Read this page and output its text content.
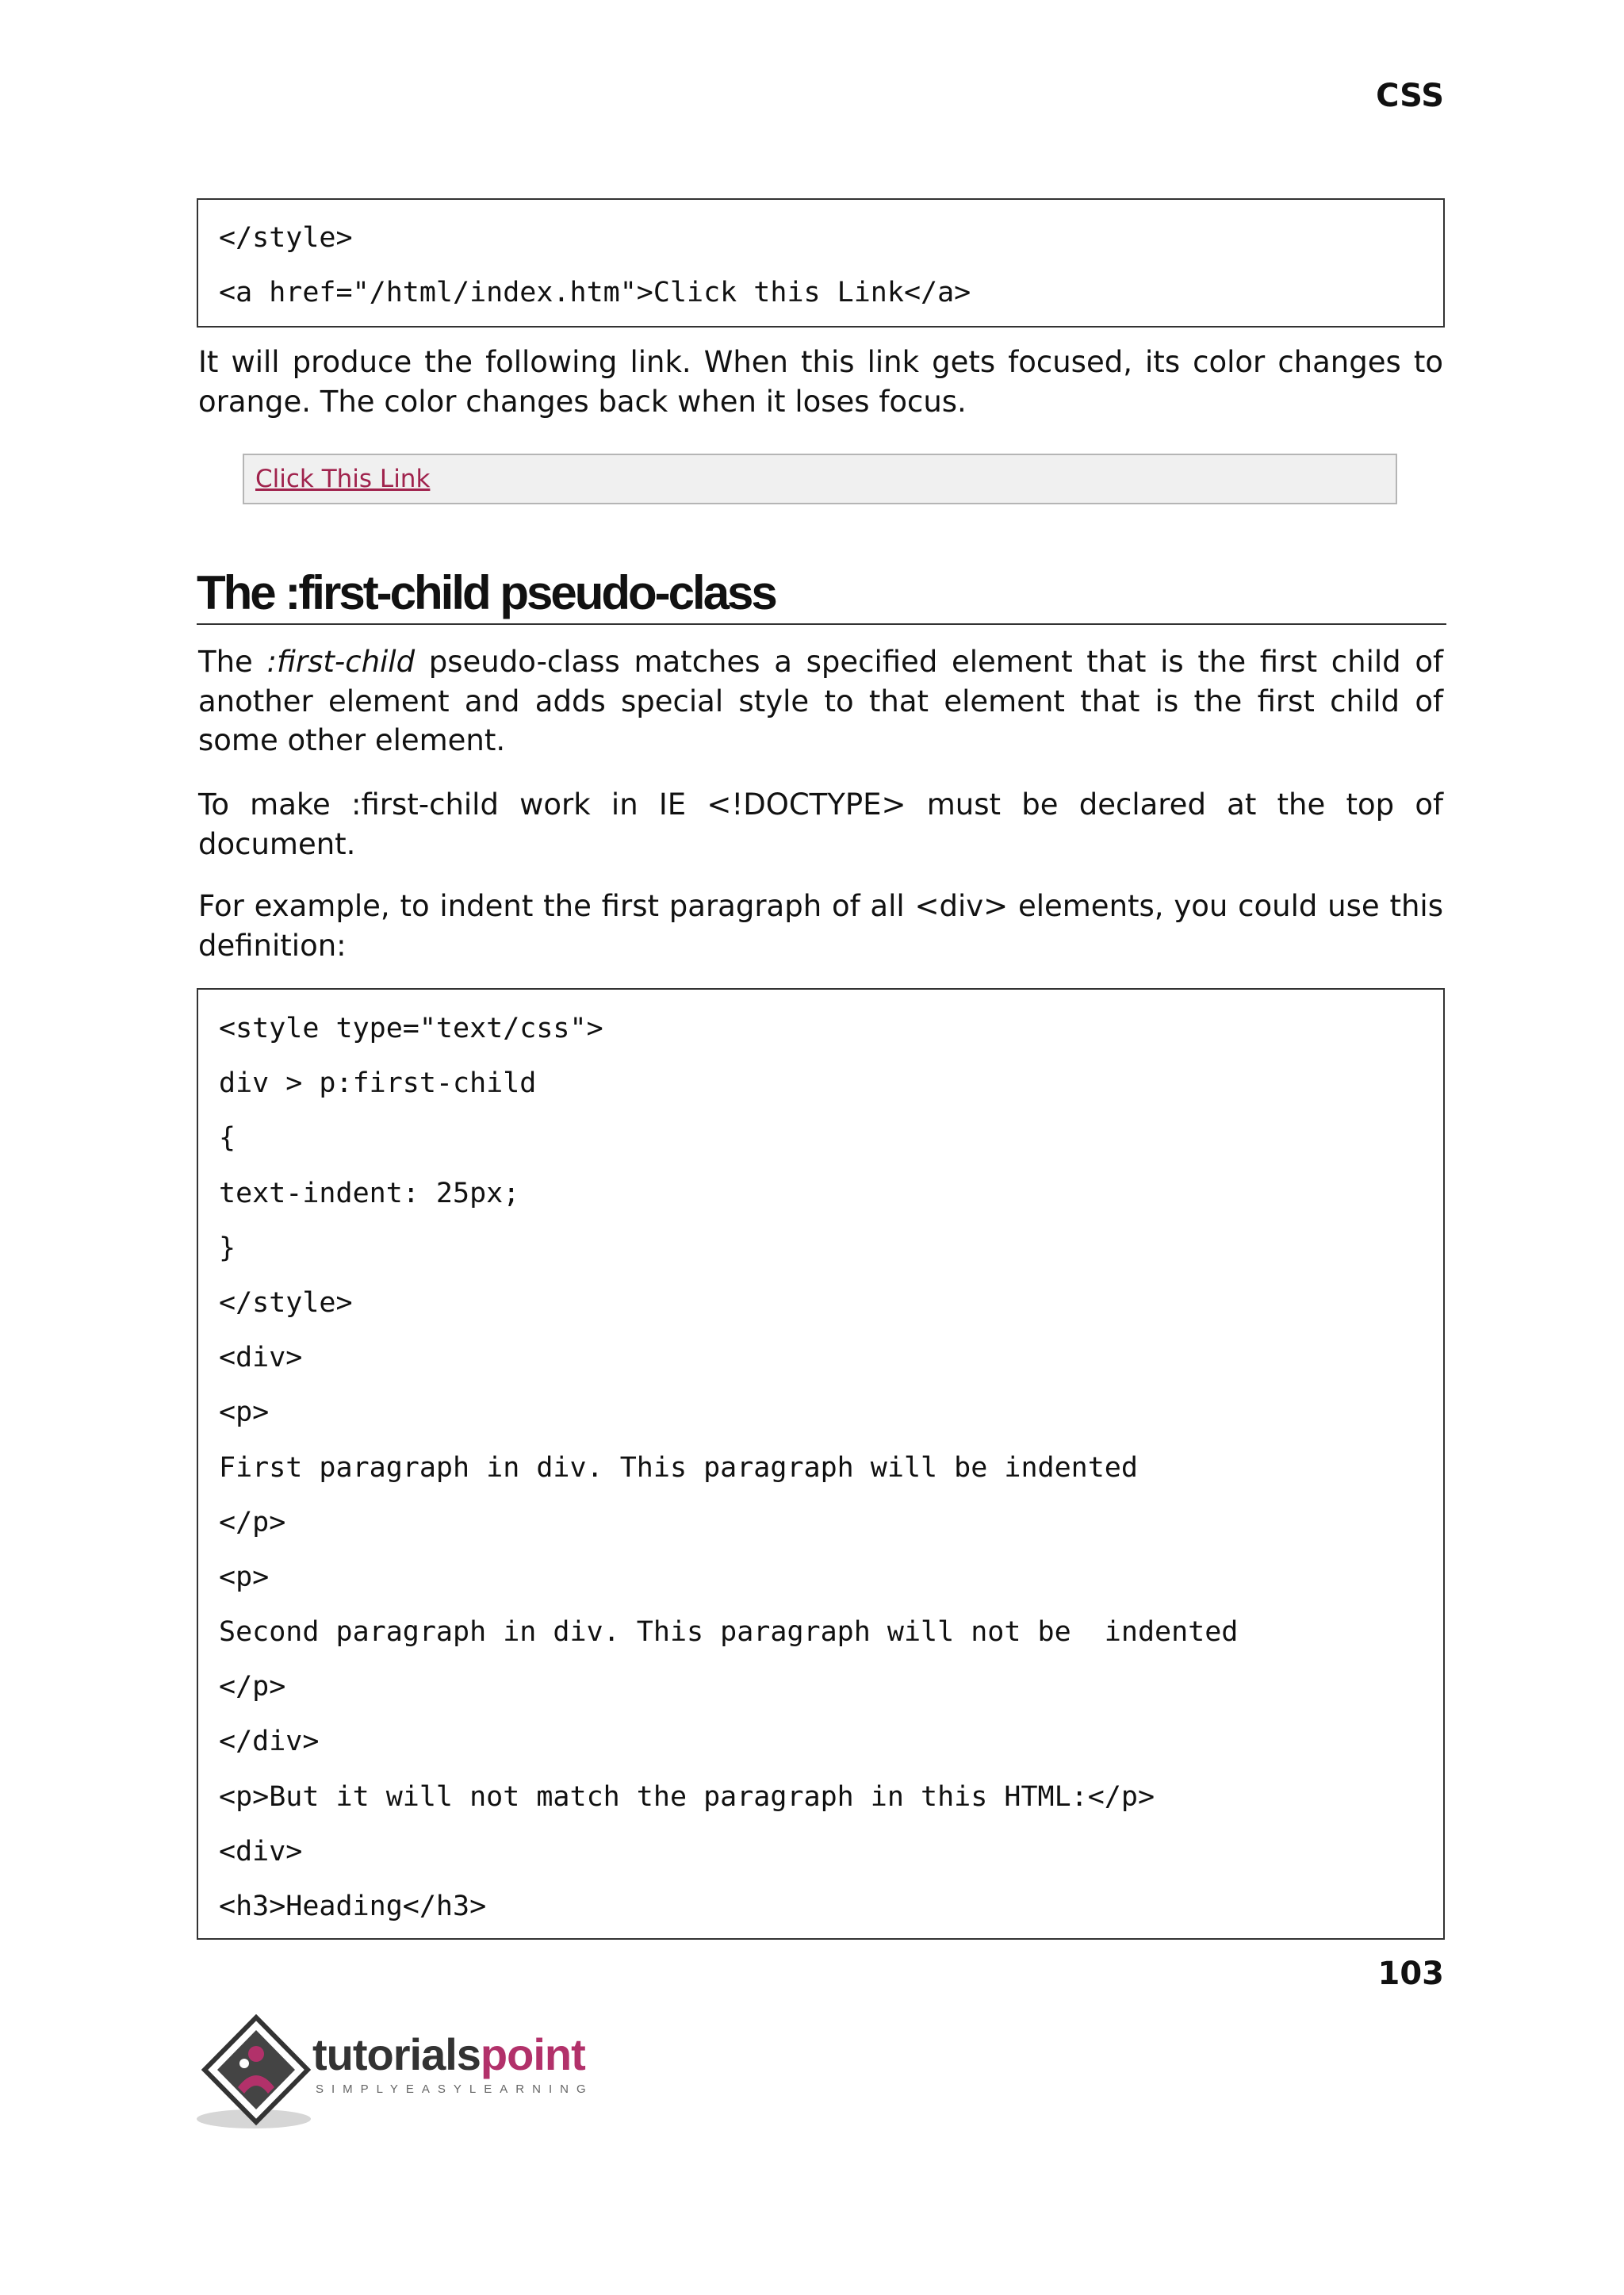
CSS
</style>
<a href="/html/index.htm">Click this Link</a>
It will produce the following link. When this link gets focused, its color changes to orange. The color changes back when it loses focus.
Click This Link
The :first-child pseudo-class
The :first-child pseudo-class matches a specified element that is the first child of another element and adds special style to that element that is the first child of some other element.
To make :first-child work in IE <!DOCTYPE> must be declared at the top of document.
For example, to indent the first paragraph of all <div> elements, you could use this definition:
<style type="text/css">
div > p:first-child
{
text-indent: 25px;
}
</style>
<div>
<p>
First paragraph in div. This paragraph will be indented
</p>
<p>
Second paragraph in div. This paragraph will not be  indented
</p>
</div>
<p>But it will not match the paragraph in this HTML:</p>
<div>
<h3>Heading</h3>
103
tutorialspoint
SIMPLYEASYLEARNING
